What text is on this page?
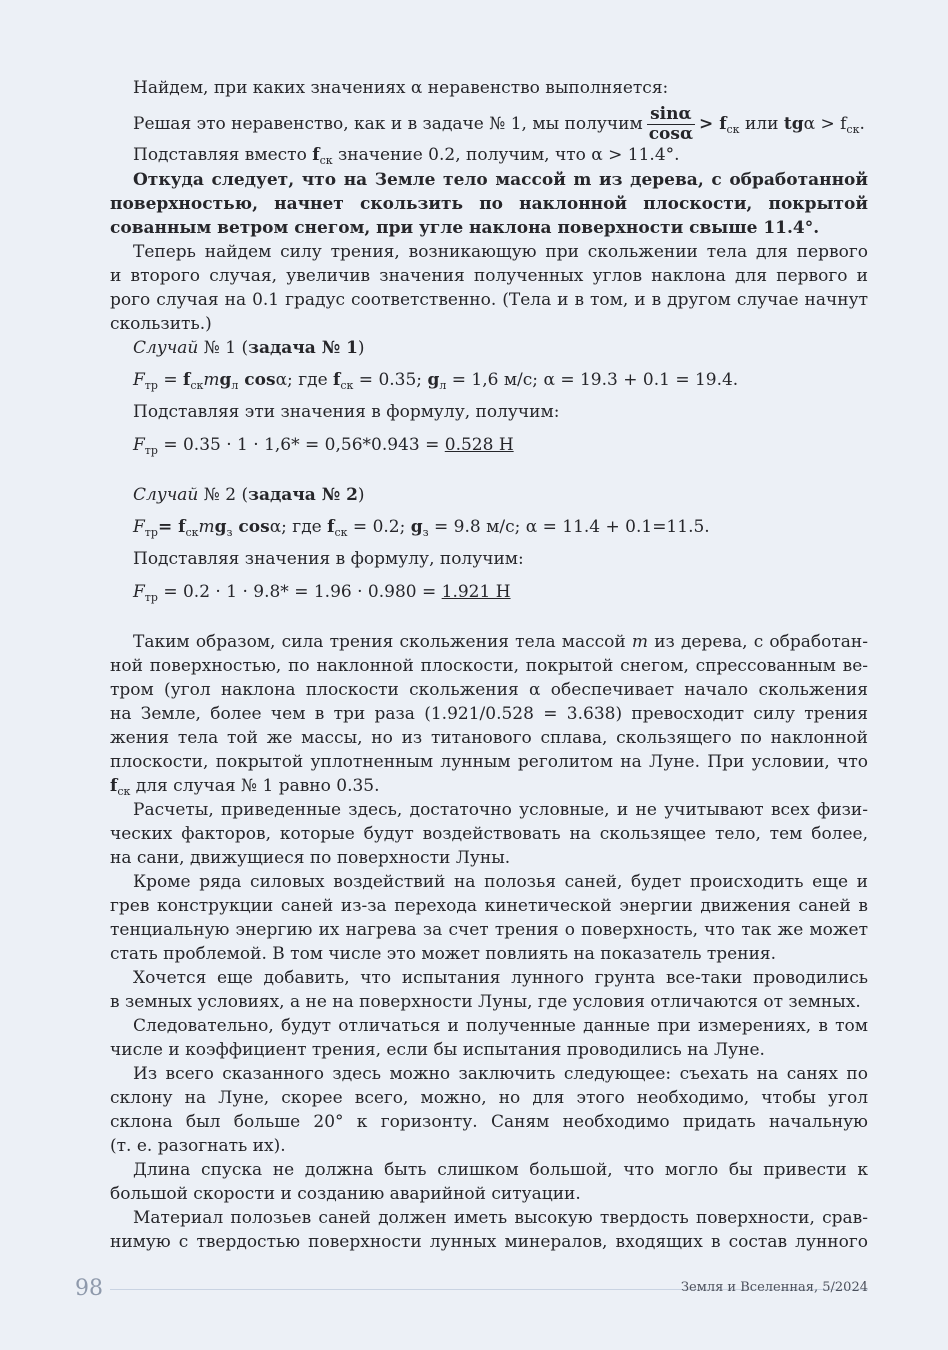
Найдем, при каких значениях α неравенство выполняется:
Решая это неравенство, как и в задаче № 1, мы получим $\frac{\sin\alpha}{\cos\alpha} > f_{ск}$ или $tg\alpha > f_{ск}$.
Подставляя вместо $f_{ск}$ значение 0.2, получим, что α > 11.4°.
Откуда следует, что на Земле тело массой m из дерева, с обработанной
поверхностью, начнет скользить по наклонной плоскости, покрытой
сованным ветром снегом, при угле наклона поверхности свыше 11.4°.
Теперь найдем силу трения, возникающую при скольжении тела для первого
и второго случая, увеличив значения полученных углов наклона для первого и
рого случая на 0.1 градус соответственно. (Тела и в том, и в другом случае начнут
скользить.)
Случай № 1 (задача № 1)
$F_{тр} = f_{ск}mg_л$ cosα; где $f_{ск} = 0.35$; $g_л = 1,6$ м/с; α = 19.3 + 0.1 = 19.4.
Подставляя эти значения в формулу, получим:
$F_{тр} = 0.35 \cdot 1 \cdot 1,6* = 0,56*0.943 = 0.528$ Н
Случай № 2 (задача № 2)
$F_{тр}= f_{ск}mg_з$ cosα; где $f_{ск} = 0.2$; $g_з = 9.8$ м/с; α = 11.4 + 0.1=11.5.
Подставляя значения в формулу, получим:
$F_{тр} = 0.2 \cdot 1 \cdot 9.8* = 1.96 \cdot 0.980 = 1.921$ Н
Таким образом, сила трения скольжения тела массой m из дерева, с обработан-
ной поверхностью, по наклонной плоскости, покрытой снегом, спрессованным ве-
тром (угол наклона плоскости скольжения α обеспечивает начало скольжения
на Земле, более чем в три раза (1.921/0.528 = 3.638) превосходит силу трения
жения тела той же массы, но из титанового сплава, скользящего по наклонной
плоскости, покрытой уплотненным лунным реголитом на Луне. При условии, что
$f_{ск}$ для случая № 1 равно 0.35.
Расчеты, приведенные здесь, достаточно условные, и не учитывают всех физи-
ческих факторов, которые будут воздействовать на скользящее тело, тем более,
на сани, движущиеся по поверхности Луны.
Кроме ряда силовых воздействий на полозья саней, будет происходить еще и
грев конструкции саней из-за перехода кинетической энергии движения саней в
тенциальную энергию их нагрева за счет трения о поверхность, что так же может
стать проблемой. В том числе это может повлиять на показатель трения.
Хочется еще добавить, что испытания лунного грунта все-таки проводились
в земных условиях, а не на поверхности Луны, где условия отличаются от земных.
Следовательно, будут отличаться и полученные данные при измерениях, в том
числе и коэффициент трения, если бы испытания проводились на Луне.
Из всего сказанного здесь можно заключить следующее: съехать на санях по
склону на Луне, скорее всего, можно, но для этого необходимо, чтобы угол
склона был больше 20° к горизонту. Саням необходимо придать начальную
(т. е. разогнать их).
Длина спуска не должна быть слишком большой, что могло бы привести к
большой скорости и созданию аварийной ситуации.
Материал полозьев саней должен иметь высокую твердость поверхности, срав-
нимую с твердостью поверхности лунных минералов, входящих в состав лунного
98	Земля и Вселенная, 5/2024
